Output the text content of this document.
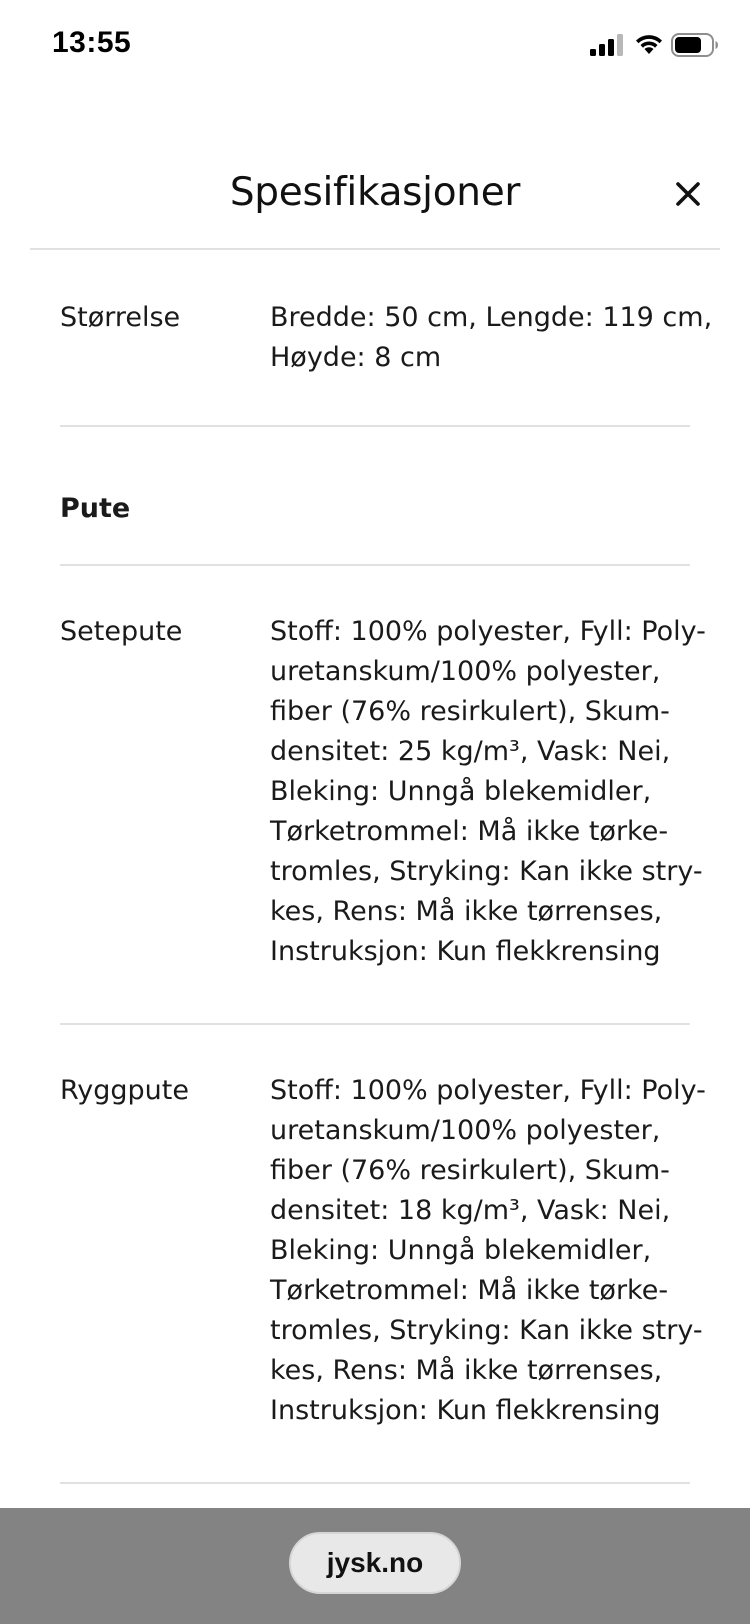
13:55
Spesifikasjoner
Størrelse	Bredde: 50 cm, Lengde: 119 cm,
Høyde: 8 cm
Pute
Setepute	Stoff: 100% polyester, Fyll: Poly-
uretanskum/100% polyester,
fiber (76% resirkulert), Skum-
densitet: 25 kg/m³, Vask: Nei,
Bleking: Unngå blekemidler,
Tørketrommel: Må ikke tørke-
tromles, Stryking: Kan ikke stry-
kes, Rens: Må ikke tørrenses,
Instruksjon: Kun flekkrensing
Ryggpute	Stoff: 100% polyester, Fyll: Poly-
uretanskum/100% polyester,
fiber (76% resirkulert), Skum-
densitet: 18 kg/m³, Vask: Nei,
Bleking: Unngå blekemidler,
Tørketrommel: Må ikke tørke-
tromles, Stryking: Kan ikke stry-
kes, Rens: Må ikke tørrenses,
Instruksjon: Kun flekkrensing
jysk.no
